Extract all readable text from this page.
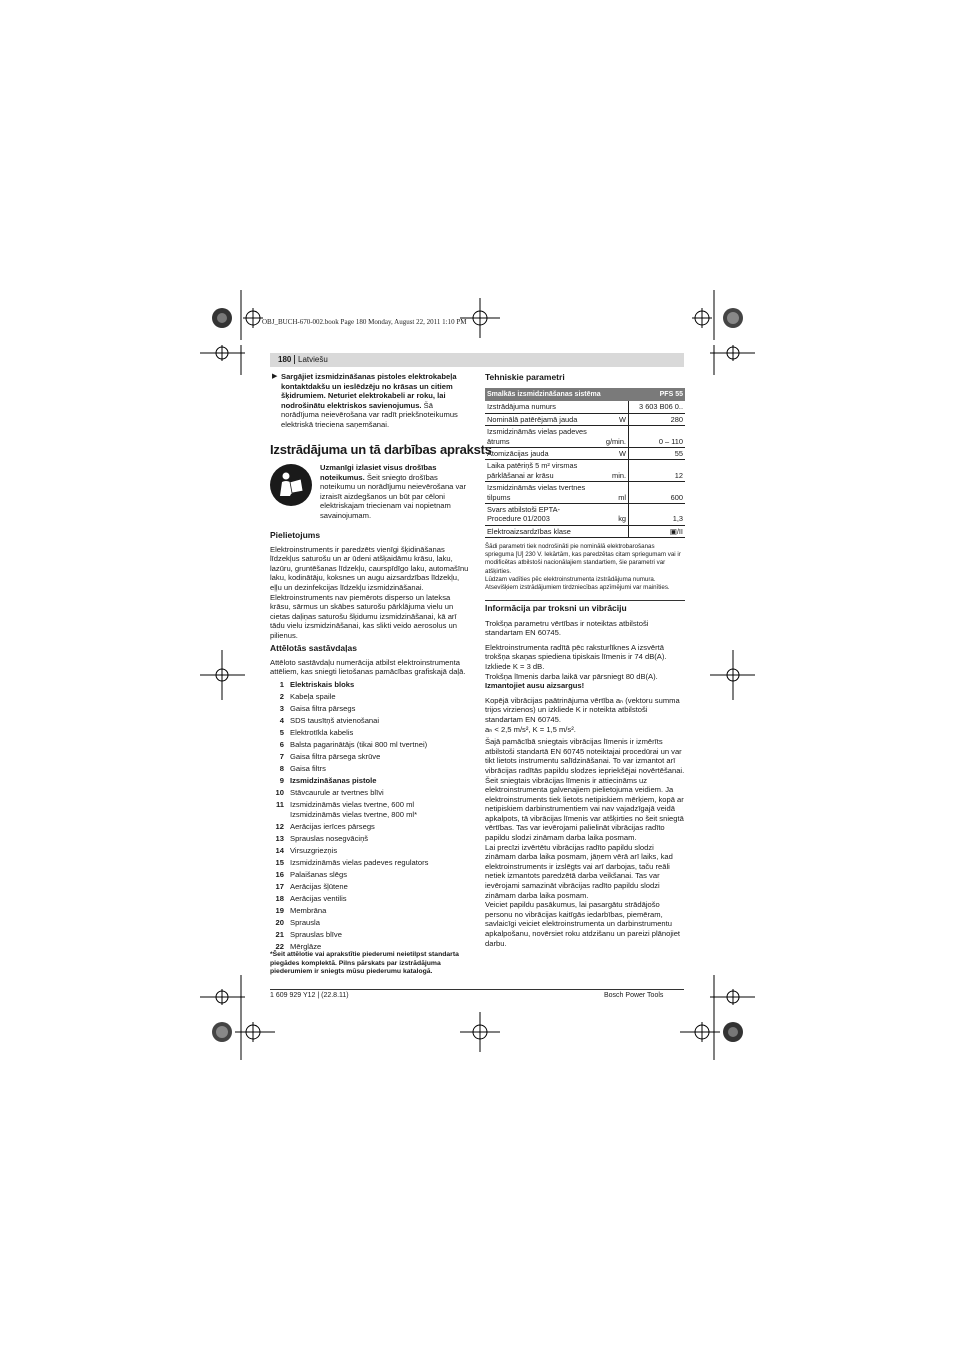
OBJ_BUCH-670-002.book Page 180 Monday, August 22, 2011 1:10 PM
180 Latviešu
▶ Sargājiet izsmidzināšanas pistoles elektrokabeļa kontaktdakšu un ieslēdzēju no krāsas un citiem šķidrumiem. Neturiet elektrokabeli ar roku, lai nodrošinātu elektriskos savienojumus. Šā norādījuma neievērošana var radīt priekšnoteikumus elektriskā trieciena saņemšanai.

Izstrādājuma un tā darbības apraksts

Uzmanīgi izlasiet visus drošības noteikumus. Šeit sniegto drošības noteikumu un norādījumu neievērošana var izraisīt aizdegšanos un būt par cēloni elektriskajam triecienam vai nopietnam savainojumam.

Pielietojums

Elektroinstruments ir paredzēts vienīgi šķidināšanas līdzekļus saturošu un ar ūdeni atšķaidāmu krāsu, laku, lazūru, gruntēšanas līdzekļu, caurspīdīgo laku, automašīnu laku, kodinātāju, koksnes un augu aizsardzības līdzekļu, eļļu un dezinfekcijas līdzekļu izsmidzināšanai.
Elektroinstruments nav piemērots disperso un lateksa krāsu, sārmus un skābes saturošu pārklājuma vielu un cietas daļiņas saturošu šķidumu izsmidzināšanai, kā arī tādu vielu izsmidzināšanai, kas slikti veido aerosolus un pilienus.

Attēlotās sastāvdaļas

Attēloto sastāvdaļu numerācija atbilst elektroinstrumenta attēliem, kas sniegti lietošanas pamācības grafiskajā daļā.

1 Elektriskais bloks
2 Kabeļa spaile
3 Gaisa filtra pārsegs
4 SDS tausītņš atvienošanai
5 Elektrotīkla kabelis
6 Balsta pagarinātājs (tikai 800 ml tvertnei)
7 Gaisa filtra pārsega skrūve
8 Gaisa filtrs
9 Izsmidzināšanas pistole
10 Stāvcaurule ar tvertnes blīvi
11 Izsmidzināmās vielas tvertne, 600 ml
Izsmidzināmās vielas tvertne, 800 ml*
12 Aerācijas ierīces pārsegs
13 Sprauslas nosegvāciņš
14 Virsuzgriezņis
15 Izsmidzināmās vielas padeves regulators
16 Palaišanas slēgs
17 Aerācijas šļūtene
18 Aerācijas ventilis
19 Membrāna
20 Sprausla
21 Sprauslas blīve
22 Mērglāze
*Šeit attēlotie vai aprakstītie piederumi neietilpst standarta piegādes komplektā. Pilns pārskats par izstrādājuma piederumiem ir sniegts mūsu piederumu katalogā.
Tehniskie parametri
Smalkās izsmidzināšanas sistēma		PFS 55
Izstrādājuma numurs		3 603 B06 0..
Nominālā patērējamā jauda	W	280
Izsmidzināmās vielas padeves ātrums	g/min.	0 – 110
Atomizācijas jauda	W	55
Laika patēriņš 5 m² virsmas pārklāšanai ar krāsu	min.	12
Izsmidzināmās vielas tvertnes tilpums	ml	600
Svars atbilstoši EPTA-Procedure 01/2003	kg	1,3
Elektroaizsardzības klase		▣/II
Šādi parametri tiek nodrošināti pie nominālā elektrobarošanas sprieguma [U] 230 V. Iekārtām, kas paredzētas citam spriegumam vai ir modificētas atbilstoši nacionālajiem standartiem, šie parametri var atšķirties.
Lūdzam vadīties pēc elektroinstrumenta izstrādājuma numura. Atsevišķiem izstrādājumiem tirdzniecības apzīmējumi var mainīties.
Informācija par troksni un vibrāciju

Trokšņa parametru vērtības ir noteiktas atbilstoši standartam EN 60745.

Elektroinstrumenta radītā pēc raksturlīknes A izsvērtā trokšņa skaņas spiediena tipiskais līmenis ir 74 dB(A). Izkliede K = 3 dB.
Trokšņa līmenis darba laikā var pārsniegt 80 dB(A).

Izmantojiet ausu aizsargus!

Kopējā vibrācijas paātrinājuma vērtība aₕ (vektoru summa trijos virzienos) un izkliede K ir noteikta atbilstoši standartam EN 60745.
aₕ < 2,5 m/s², K = 1,5 m/s².

Šajā pamācībā sniegtais vibrācijas līmenis ir izmērīts atbilstoši standartā EN 60745 noteiktajai procedūrai un var tikt lietots instrumentu salīdzināšanai. To var izmantot arī vibrācijas radītās papildu slodzes iepriekšējai novērtēšanai.
Šeit sniegtais vibrācijas līmenis ir attiecināms uz elektroinstrumenta galvenajiem pielietojuma veidiem. Ja elektroinstruments tiek lietots netipiskiem mērķiem, kopā ar netipiskiem darbinstrumentiem vai nav vajadzīgajā veidā apkalpots, tā vibrācijas līmenis var atšķirties no šeit sniegtā vērtības. Tas var ievērojami palielināt vibrācijas radīto papildu slodzi zināmam darba laika posmam.
Lai precīzi izvērtētu vibrācijas radīto papildu slodzi zināmam darba laika posmam, jāņem vērā arī laiks, kad elektroinstruments ir izslēgts vai arī darbojas, taču reāli netiek izmantots paredzētā darba veikšanai. Tas var ievērojami samazināt vibrācijas radīto papildu slodzi zināmam darba laika posmam.
Veiciet papildu pasākumus, lai pasargātu strādājošo personu no vibrācijas kaitīgās iedarbības, piemēram, savlaicīgi veiciet elektroinstrumenta un darbinstrumentu apkalpošanu, novērsiet roku atdzišanu un pareizi plānojiet darbu.

1 609 929 Y12 | (22.8.11)	Bosch Power Tools
